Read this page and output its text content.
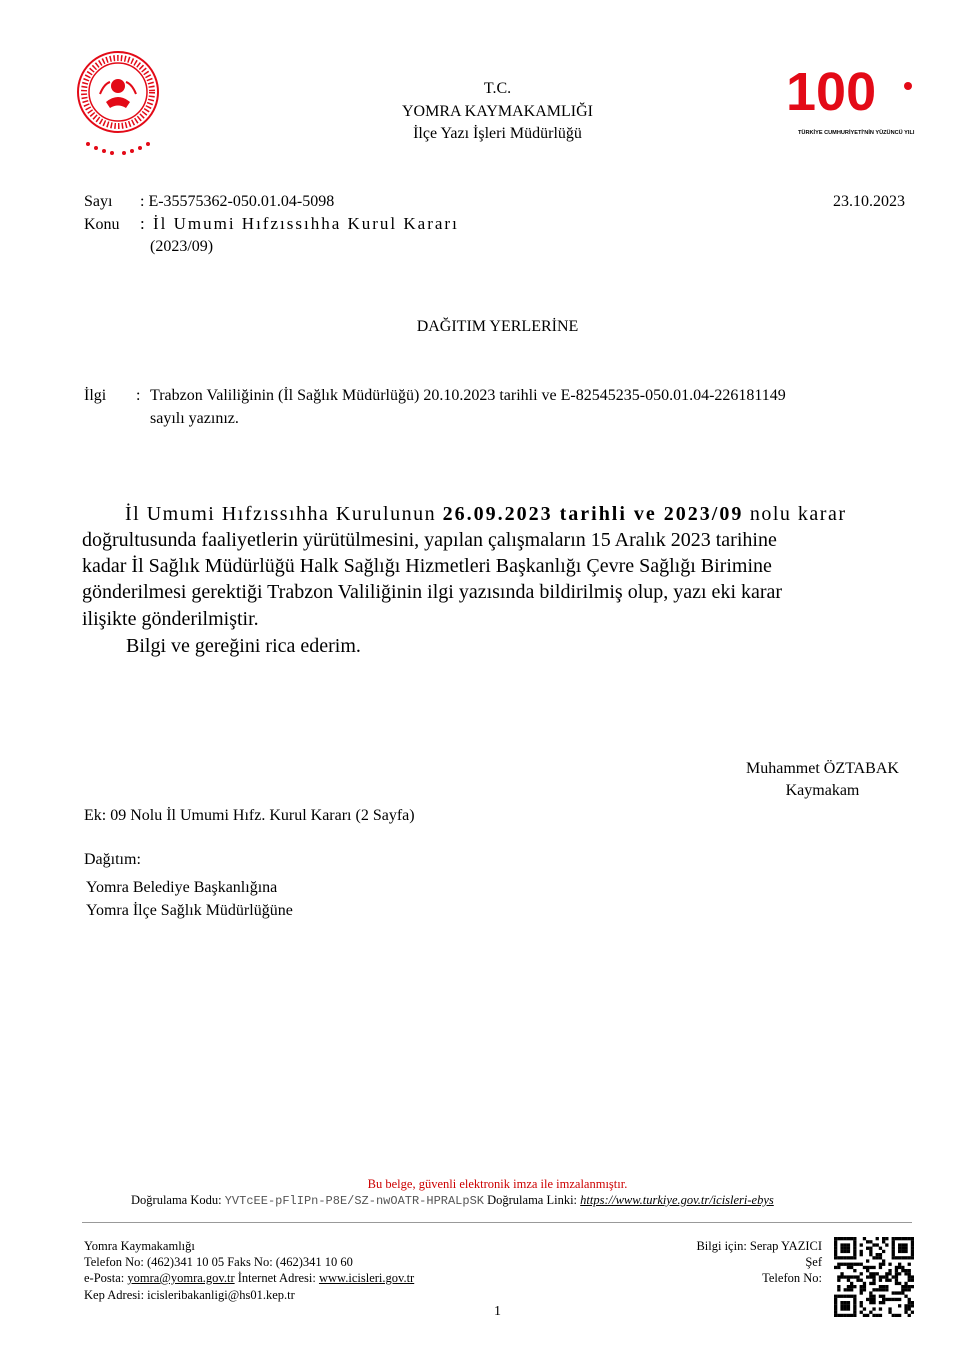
100
TÜRKİYE CUMHURİYETİ'NİN YÜZÜNCÜ YILI
T.C.
YOMRA KAYMAKAMLIĞI
İlçe Yazı İşleri Müdürlüğü
Sayı : E-35575362-050.01.04-5098	23.10.2023
Konu : İl Umumi Hıfzıssıhha Kurul Kararı
(2023/09)
DAĞITIM YERLERİNE
İlgi : Trabzon Valiliğinin (İl Sağlık Müdürlüğü) 20.10.2023 tarihli ve E-82545235-050.01.04-226181149
sayılı yazınız.
İl Umumi Hıfzıssıhha Kurulunun 26.09.2023 tarihli ve 2023/09 nolu karar
doğrultusunda faaliyetlerin yürütülmesini, yapılan çalışmaların 15 Aralık 2023 tarihine
kadar İl Sağlık Müdürlüğü Halk Sağlığı Hizmetleri Başkanlığı Çevre Sağlığı Birimine
gönderilmesi gerektiği Trabzon Valiliğinin ilgi yazısında bildirilmiş olup, yazı eki karar
ilişikte gönderilmiştir.
Bilgi ve gereğini rica ederim.
Muhammet ÖZTABAK
Kaymakam
Ek: 09 Nolu İl Umumi Hıfz. Kurul Kararı (2 Sayfa)
Dağıtım:
Yomra Belediye Başkanlığına
Yomra İlçe Sağlık Müdürlüğüne
Bu belge, güvenli elektronik imza ile imzalanmıştır.
Doğrulama Kodu: YVTcEE-pFlIPn-P8E/SZ-nwOATR-HPRALpSK Doğrulama Linki: https://www.turkiye.gov.tr/icisleri-ebys
Yomra Kaymakamlığı
Telefon No: (462)341 10 05 Faks No: (462)341 10 60
e-Posta: yomra@yomra.gov.tr İnternet Adresi: www.icisleri.gov.tr
Kep Adresi: icisleribakanligi@hs01.kep.tr
Bilgi için: Serap YAZICI
Şef
Telefon No:
1
